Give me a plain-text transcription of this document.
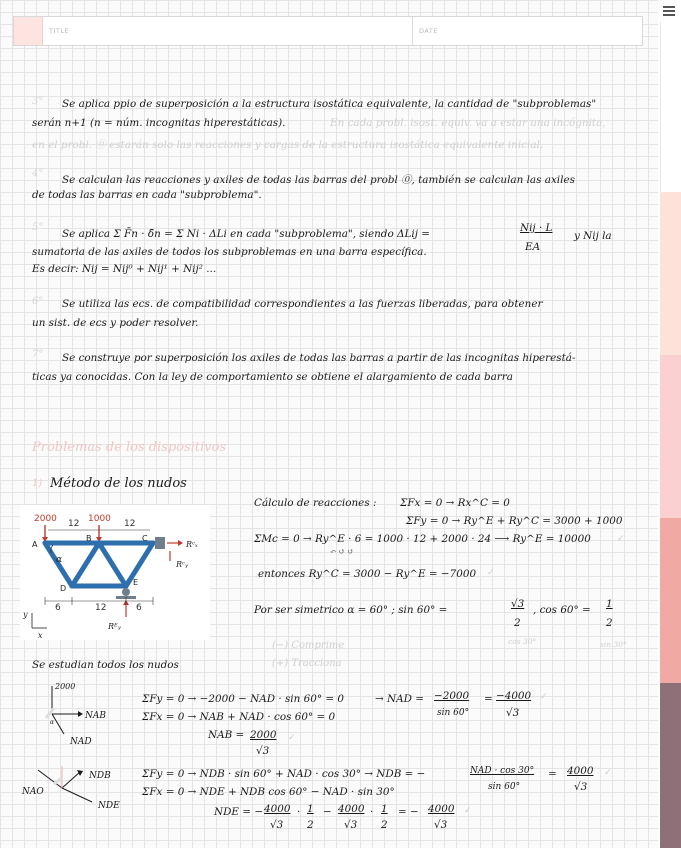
TITLE	DATE
3° Se aplica ppio de superposición a la estructura isostática equivalente, la cantidad de "subproblemas"
serán n+1 (n = núm. incognitas hiperestáticas).	En cada probl. isost. equiv. va a estar una incógnita,
en el probl. ⓪ estarán solo las reacciones y cargas de la estructura isostática equivalente inicial.
4°
Se calculan las reacciones y axiles de todas las barras del probl ⓪, también se calculan las axiles
de todas las barras en cada "subproblema".
5°
Se aplica Σ F̄n · δ̄n = Σ Ni · ΔLi en cada "subproblema", siendo ΔLij =	Nij · L
EA
y Nij la
sumatoria de las axiles de todos los subproblemas en una barra específica.
Es decir: Nij = Nij⁰ + Nij¹ + Nij² ...
6° Se utiliza las ecs. de compatibilidad correspondientes a las fuerzas liberadas, para obtener
un sist. de ecs y poder resolver.
7° Se construye por superposición los axiles de todas las barras a partir de las incognitas hiperestá-
ticas ya conocidas. Con la ley de comportamiento se obtiene el alargamiento de cada barra
Problemas de los dispositivos
1) Método de los nudos
2000	1000
12	12
α
A
B	C
D
E
Rᶜₓ
Rᶜᵧ
Rᴱᵧ
6	12	6
y
x
Cálculo de reacciones : ΣFx = 0 → Rx^C = 0
ΣFy = 0 → Ry^E + Ry^C = 3000 + 1000
ΣMc = 0 → Ry^E · 6 = 1000 · 12 + 2000 · 24 ⟶ Ry^E = 10000
↶ ↺ ↺
✓
entonces Ry^C = 3000 − Ry^E = −7000 ✓
Por ser simetrico α = 60° ; sin 60° =	√3
2
, cos 60° = 1
2
cos 30°	sin 30°
(−) Comprime
(+) Tracciona
Se estudian todos los nudos
2000
α
NAB
NAD
ΣFy = 0 → −2000 − NAD · sin 60° = 0	→ NAD = −2000
sin 60°
= −4000
√3
✓
ΣFx = 0 → NAB + NAD · cos 60° = 0
NAB = 2000
√3
✓
NDB
NAO
NDE
ΣFy = 0 → NDB · sin 60° + NAD · cos 30° → NDB = −	NAD · cos 30°
sin 60°
= 4000
√3
✓
ΣFx = 0 → NDE + NDB cos 60° − NAD · sin 30°
NDE = − 4000
√3
· 1
2
− 4000
√3
· 1
2
= − 4000
√3
✓
